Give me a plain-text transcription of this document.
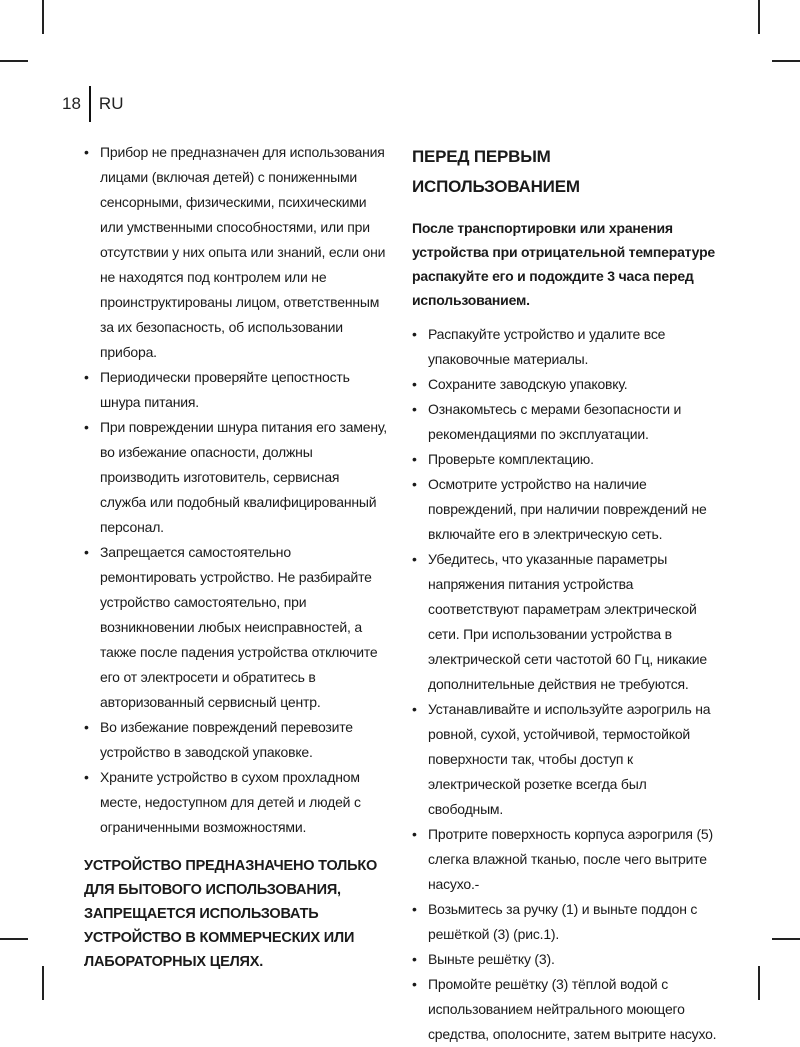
18	RU
• Прибор не предназначен для использования лицами (включая детей) с пониженными сенсорными, физическими, психическими или умственными способностями, или при отсутствии у них опыта или знаний, если они не находятся под контролем или не проинструктированы лицом, ответственным за их безопасность, об использовании прибора.
• Периодически проверяйте цепостность шнура питания.
• При повреждении шнура питания его замену, во избежание опасности, должны производить изготовитель, сервисная служба или подобный квалифицированный персонал.
• Запрещается самостоятельно ремонтировать устройство. Не разбирайте устройство самостоятельно, при возникновении любых неисправностей, а также после падения устройства отключите его от электросети и обратитесь в авторизованный сервисный центр.
• Во избежание повреждений перевозите устройство в заводской упаковке.
• Храните устройство в сухом прохладном месте, недоступном для детей и людей с ограниченными возможностями.
УСТРОЙСТВО ПРЕДНАЗНАЧЕНО ТОЛЬКО ДЛЯ БЫТОВОГО ИСПОЛЬЗОВАНИЯ, ЗАПРЕЩАЕТСЯ ИСПОЛЬЗОВАТЬ УСТРОЙСТВО В КОММЕРЧЕСКИХ ИЛИ ЛАБОРАТОРНЫХ ЦЕЛЯХ.
ПЕРЕД ПЕРВЫМ ИСПОЛЬЗОВАНИЕМ

После транспортировки или хранения устройства при отрицательной температуре распакуйте его и подождите 3 часа перед использованием.

• Распакуйте устройство и удалите все упаковочные материалы.
• Сохраните заводскую упаковку.
• Ознакомьтесь с мерами безопасности и рекомендациями по эксплуатации.
• Проверьте комплектацию.
• Осмотрите устройство на наличие повреждений, при наличии повреждений не включайте его в электрическую сеть.
• Убедитесь, что указанные параметры напряжения питания устройства соответствуют параметрам электрической сети. При использовании устройства в электрической сети частотой 60 Гц, никакие дополнительные действия не требуются.
• Устанавливайте и используйте аэрогриль на ровной, сухой, устойчивой, термостойкой поверхности так, чтобы доступ к электрической розетке всегда был свободным.
• Протрите поверхность корпуса аэрогриля (5) слегка влажной тканью, после чего вытрите насухо.-
• Возьмитесь за ручку (1) и выньте поддон с решёткой (3) (рис.1).
• Выньте решётку (3).
• Промойте решётку (3) тёплой водой с использованием нейтрального моющего средства, ополосните, затем вытрите насухо.
